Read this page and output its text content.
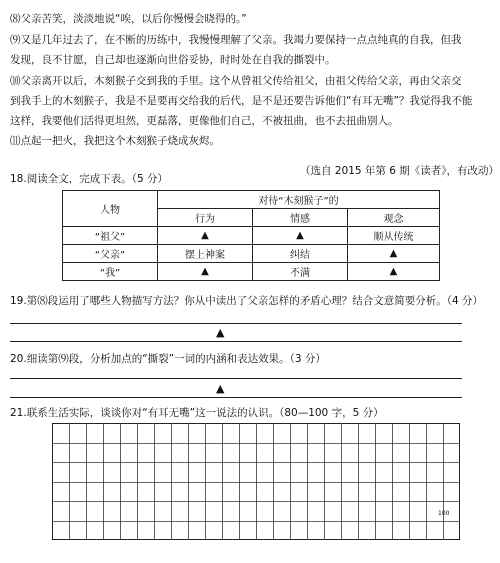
⑻父亲苦笑，淡淡地说“唉，以后你慢慢会晓得的。”
⑼又是几年过去了，在不断的历练中，我慢慢理解了父亲。我竭力要保持一点点纯真的自我，但我
发现，良不甘愿，自己却也逐渐向世俗妥协，时时处在自我的撕裂中。
⑽父亲离开以后，木刻猴子交到我的手里。这个从曾祖父传给祖父，由祖父传给父亲，再由父亲交
到我手上的木刻猴子，我是不是要再交给我的后代，是不是还要告诉他们“有耳无嘴”？我觉得我不能
这样，我要他们活得更坦然，更磊落，更像他们自己，不被扭曲，也不去扭曲别人。
⑾点起一把火，我把这个木刻猴子烧成灰烬。
（选自 2015 年第 6 期《读者》，有改动）
18.阅读全文，完成下表。（5 分）
人物	对待“木刻猴子”的		
	行为	情感	观念
“祖父”	▲	▲	顺从传统
“父亲”	摆上神案	纠结	▲
“我”	▲	不满	▲
19.第⑻段运用了哪些人物描写方法？你从中读出了父亲怎样的矛盾心理？结合文意简要分析。（4 分）
▲
20.细读第⑼段，分析加点的“撕裂”一词的内涵和表达效果。（3 分）
▲
21.联系生活实际，谈谈你对“有耳无嘴”这一说法的认识。（80—100 字，5 分）
100
